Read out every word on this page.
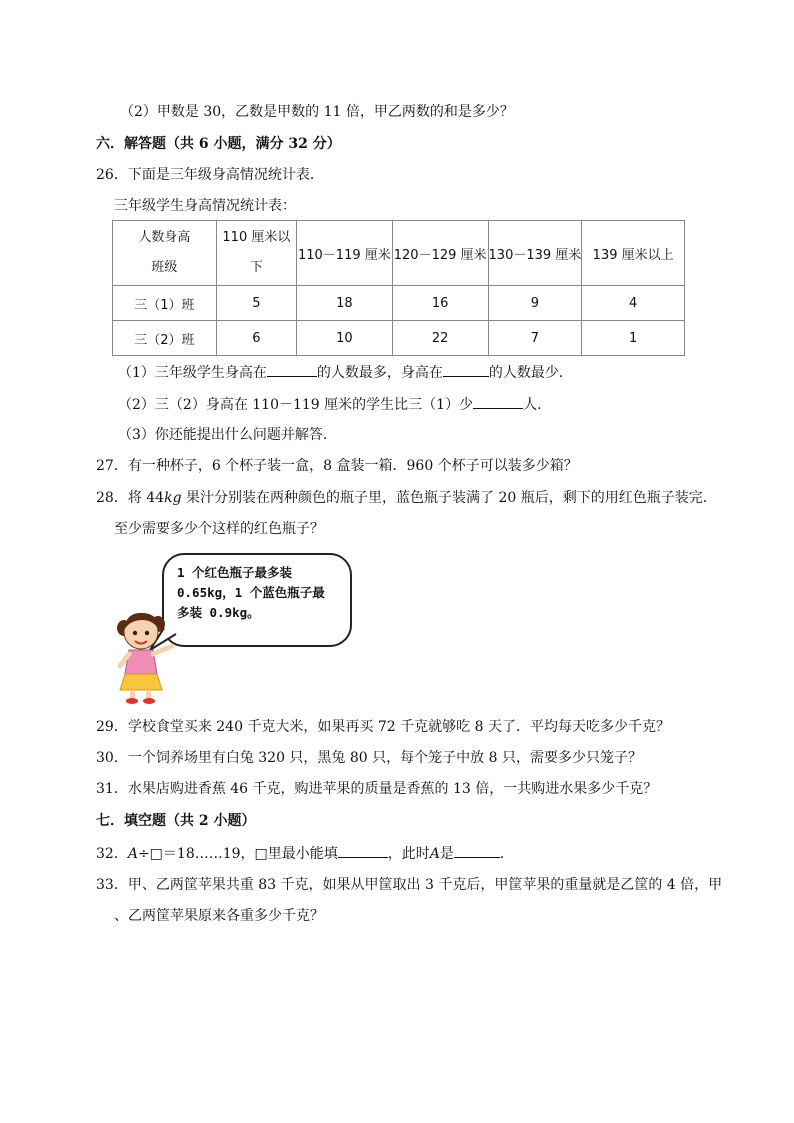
（2）甲数是 30，乙数是甲数的 11 倍，甲乙两数的和是多少？
六．解答题（共 6 小题，满分 32 分）
26．下面是三年级身高情况统计表．
三年级学生身高情况统计表：
人数身高
班级	110 厘米以下	110－119 厘米	120－129 厘米	130－139 厘米	139 厘米以上
三（1）班	5	18	16	9	4
三（2）班	6	10	22	7	1
（1）三年级学生身高在	的人数最多，身高在	的人数最少．
（2）三（2）身高在 110－119 厘米的学生比三（1）少	人．
（3）你还能提出什么问题并解答．
27．有一种杯子，6 个杯子装一盒，8 盒装一箱．960 个杯子可以装多少箱？
28．将 44kg 果汁分别装在两种颜色的瓶子里，蓝色瓶子装满了 20 瓶后，剩下的用红色瓶子装完．
至少需要多少个这样的红色瓶子？
1 个红色瓶子最多装
0.65kg，1 个蓝色瓶子最
多装 0.9kg。
29．学校食堂买来 240 千克大米，如果再买 72 千克就够吃 8 天了．平均每天吃多少千克？
30．一个饲养场里有白兔 320 只，黑兔 80 只，每个笼子中放 8 只，需要多少只笼子？
31．水果店购进香蕉 46 千克，购进苹果的质量是香蕉的 13 倍，一共购进水果多少千克？
七．填空题（共 2 小题）
32．A÷□＝18……19，□里最小能填	，此时A是	．
33．甲、乙两筐苹果共重 83 千克，如果从甲筐取出 3 千克后，甲筐苹果的重量就是乙筐的 4 倍，甲
、乙两筐苹果原来各重多少千克？
